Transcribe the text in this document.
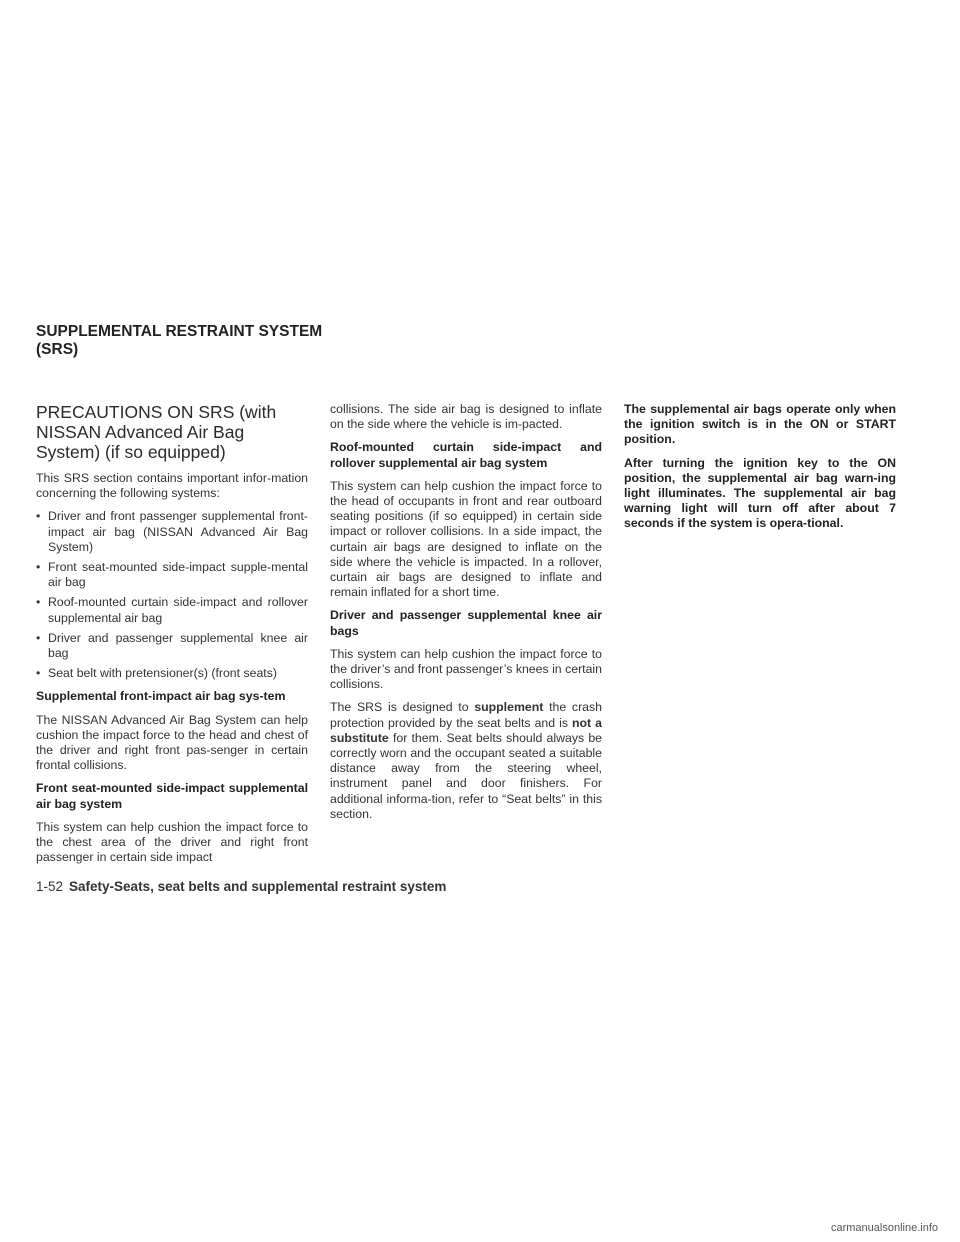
SUPPLEMENTAL RESTRAINT SYSTEM (SRS)
PRECAUTIONS ON SRS (with NISSAN Advanced Air Bag System) (if so equipped)

This SRS section contains important infor-mation concerning the following systems:

• Driver and front passenger supplemental front-impact air bag (NISSAN Advanced Air Bag System)
• Front seat-mounted side-impact supple-mental air bag
• Roof-mounted curtain side-impact and rollover supplemental air bag
• Driver and passenger supplemental knee air bag
• Seat belt with pretensioner(s) (front seats)

Supplemental front-impact air bag sys-tem

The NISSAN Advanced Air Bag System can help cushion the impact force to the head and chest of the driver and right front pas-senger in certain frontal collisions.

Front seat-mounted side-impact supplemental air bag system

This system can help cushion the impact force to the chest area of the driver and right front passenger in certain side impact

collisions. The side air bag is designed to inflate on the side where the vehicle is im-pacted.

Roof-mounted curtain side-impact and rollover supplemental air bag system

This system can help cushion the impact force to the head of occupants in front and rear outboard seating positions (if so equipped) in certain side impact or rollover collisions. In a side impact, the curtain air bags are designed to inflate on the side where the vehicle is impacted. In a rollover, curtain air bags are designed to inflate and remain inflated for a short time.

Driver and passenger supplemental knee air bags

This system can help cushion the impact force to the driver’s and front passenger’s knees in certain collisions.

The SRS is designed to supplement the crash protection provided by the seat belts and is not a substitute for them. Seat belts should always be correctly worn and the occupant seated a suitable distance away from the steering wheel, instrument panel and door finishers. For additional informa-tion, refer to “Seat belts” in this section.

The supplemental air bags operate only when the ignition switch is in the ON or START position.

After turning the ignition key to the ON position, the supplemental air bag warn-ing light illuminates. The supplemental air bag warning light will turn off after about 7 seconds if the system is opera-tional.

1-52 Safety-Seats, seat belts and supplemental restraint system
carmanualsonline.info
